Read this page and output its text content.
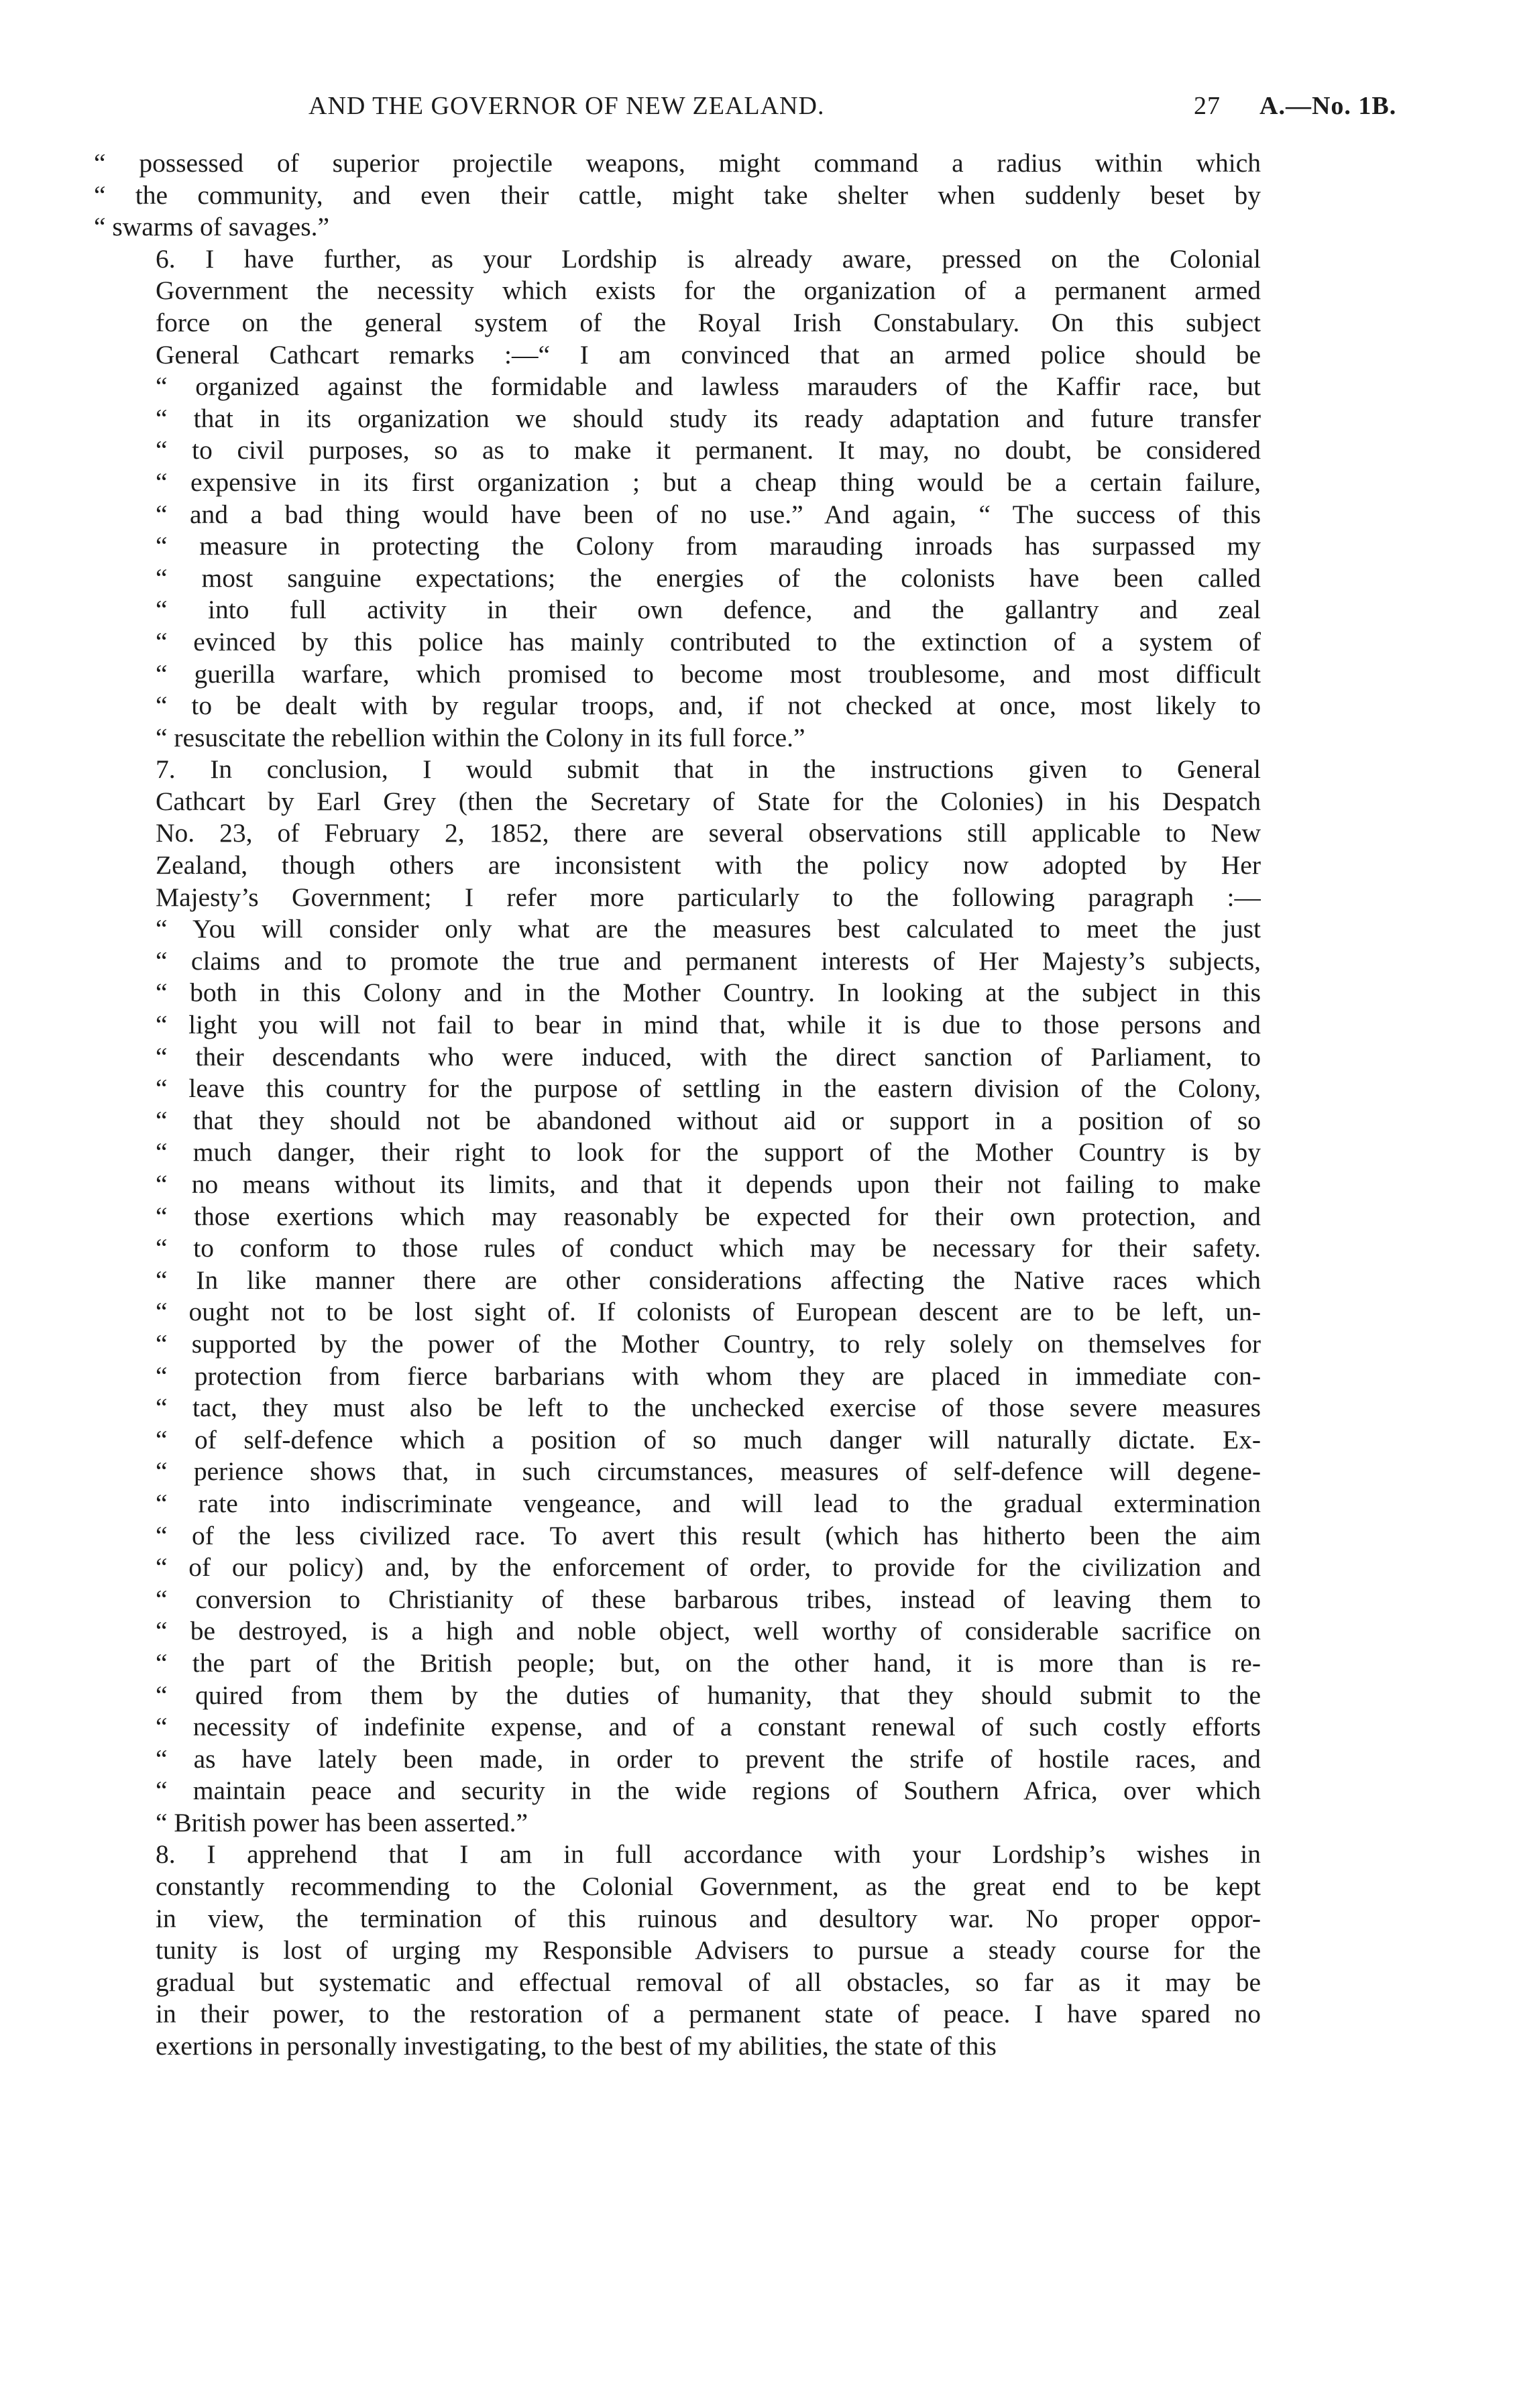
AND THE GOVERNOR OF NEW ZEALAND.	27 A.—No. 1B.

“ possessed of superior projectile weapons, might command a radius within which
“ the community, and even their cattle, might take shelter when suddenly beset by
“ swarms of savages.”

6. I have further, as your Lordship is already aware, pressed on the Colonial
Government the necessity which exists for the organization of a permanent armed
force on the general system of the Royal Irish Constabulary. On this subject
General Cathcart remarks :—“ I am convinced that an armed police should be
“ organized against the formidable and lawless marauders of the Kaffir race, but
“ that in its organization we should study its ready adaptation and future transfer
“ to civil purposes, so as to make it permanent. It may, no doubt, be considered
“ expensive in its first organization ; but a cheap thing would be a certain failure,
“ and a bad thing would have been of no use.” And again, “ The success of this
“ measure in protecting the Colony from marauding inroads has surpassed my
“ most sanguine expectations; the energies of the colonists have been called
“ into full activity in their own defence, and the gallantry and zeal
“ evinced by this police has mainly contributed to the extinction of a system of
“ guerilla warfare, which promised to become most troublesome, and most difficult
“ to be dealt with by regular troops, and, if not checked at once, most likely to
“ resuscitate the rebellion within the Colony in its full force.”

7. In conclusion, I would submit that in the instructions given to General
Cathcart by Earl Grey (then the Secretary of State for the Colonies) in his Despatch
No. 23, of February 2, 1852, there are several observations still applicable to New
Zealand, though others are inconsistent with the policy now adopted by Her
Majesty’s Government; I refer more particularly to the following paragraph :—
“ You will consider only what are the measures best calculated to meet the just
“ claims and to promote the true and permanent interests of Her Majesty’s subjects,
“ both in this Colony and in the Mother Country. In looking at the subject in this
“ light you will not fail to bear in mind that, while it is due to those persons and
“ their descendants who were induced, with the direct sanction of Parliament, to
“ leave this country for the purpose of settling in the eastern division of the Colony,
“ that they should not be abandoned without aid or support in a position of so
“ much danger, their right to look for the support of the Mother Country is by
“ no means without its limits, and that it depends upon their not failing to make
“ those exertions which may reasonably be expected for their own protection, and
“ to conform to those rules of conduct which may be necessary for their safety.
“ In like manner there are other considerations affecting the Native races which
“ ought not to be lost sight of. If colonists of European descent are to be left, un-
“ supported by the power of the Mother Country, to rely solely on themselves for
“ protection from fierce barbarians with whom they are placed in immediate con-
“ tact, they must also be left to the unchecked exercise of those severe measures
“ of self-defence which a position of so much danger will naturally dictate. Ex-
“ perience shows that, in such circumstances, measures of self-defence will degene-
“ rate into indiscriminate vengeance, and will lead to the gradual extermination
“ of the less civilized race. To avert this result (which has hitherto been the aim
“ of our policy) and, by the enforcement of order, to provide for the civilization and
“ conversion to Christianity of these barbarous tribes, instead of leaving them to
“ be destroyed, is a high and noble object, well worthy of considerable sacrifice on
“ the part of the British people; but, on the other hand, it is more than is re-
“ quired from them by the duties of humanity, that they should submit to the
“ necessity of indefinite expense, and of a constant renewal of such costly efforts
“ as have lately been made, in order to prevent the strife of hostile races, and
“ maintain peace and security in the wide regions of Southern Africa, over which
“ British power has been asserted.”

8. I apprehend that I am in full accordance with your Lordship’s wishes in
constantly recommending to the Colonial Government, as the great end to be kept
in view, the termination of this ruinous and desultory war. No proper oppor-
tunity is lost of urging my Responsible Advisers to pursue a steady course for the
gradual but systematic and effectual removal of all obstacles, so far as it may be
in their power, to the restoration of a permanent state of peace. I have spared no
exertions in personally investigating, to the best of my abilities, the state of this
